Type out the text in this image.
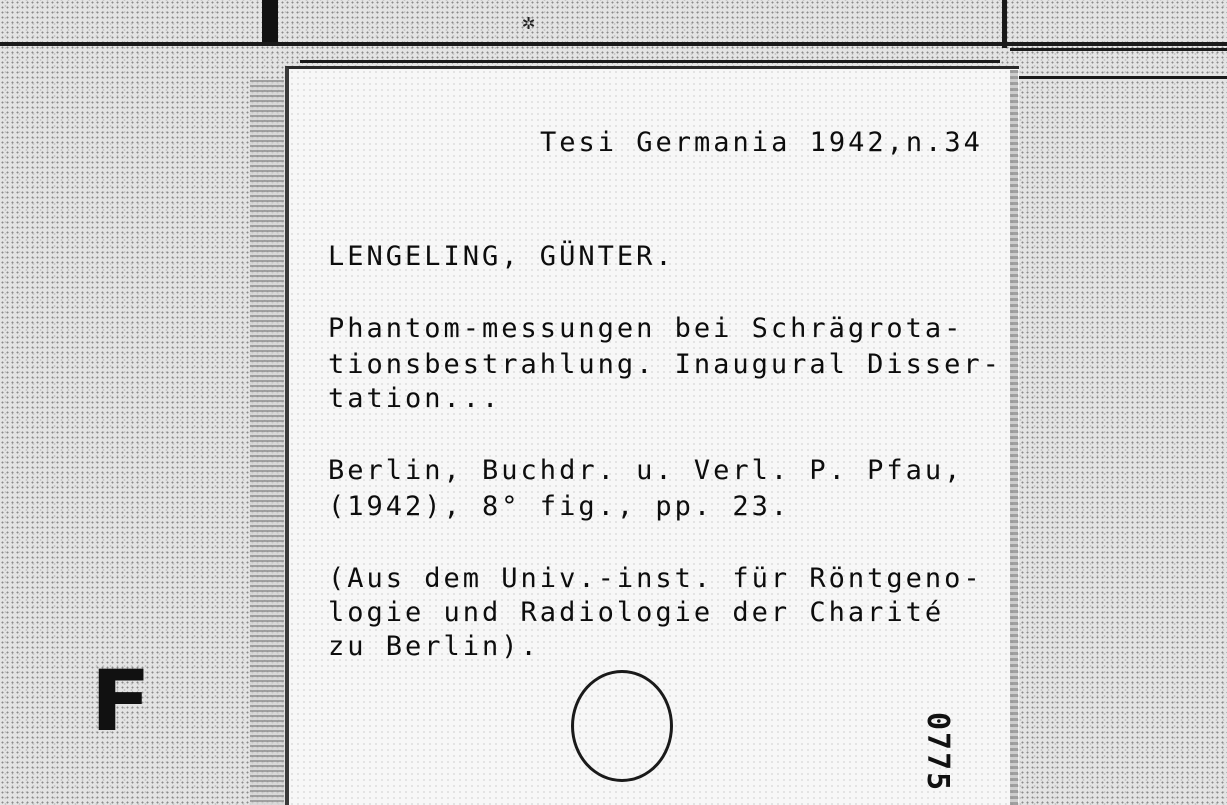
✲
Tesi Germania 1942,n.34
LENGELING, GÜNTER.
Phantom-messungen bei Schrägrota-
tionsbestrahlung. Inaugural Disser-
tation...
Berlin, Buchdr. u. Verl. P. Pfau,
(1942), 8° fig., pp. 23.
(Aus dem Univ.-inst. für Röntgeno-
logie und Radiologie der Charité
zu Berlin).
0775
F
